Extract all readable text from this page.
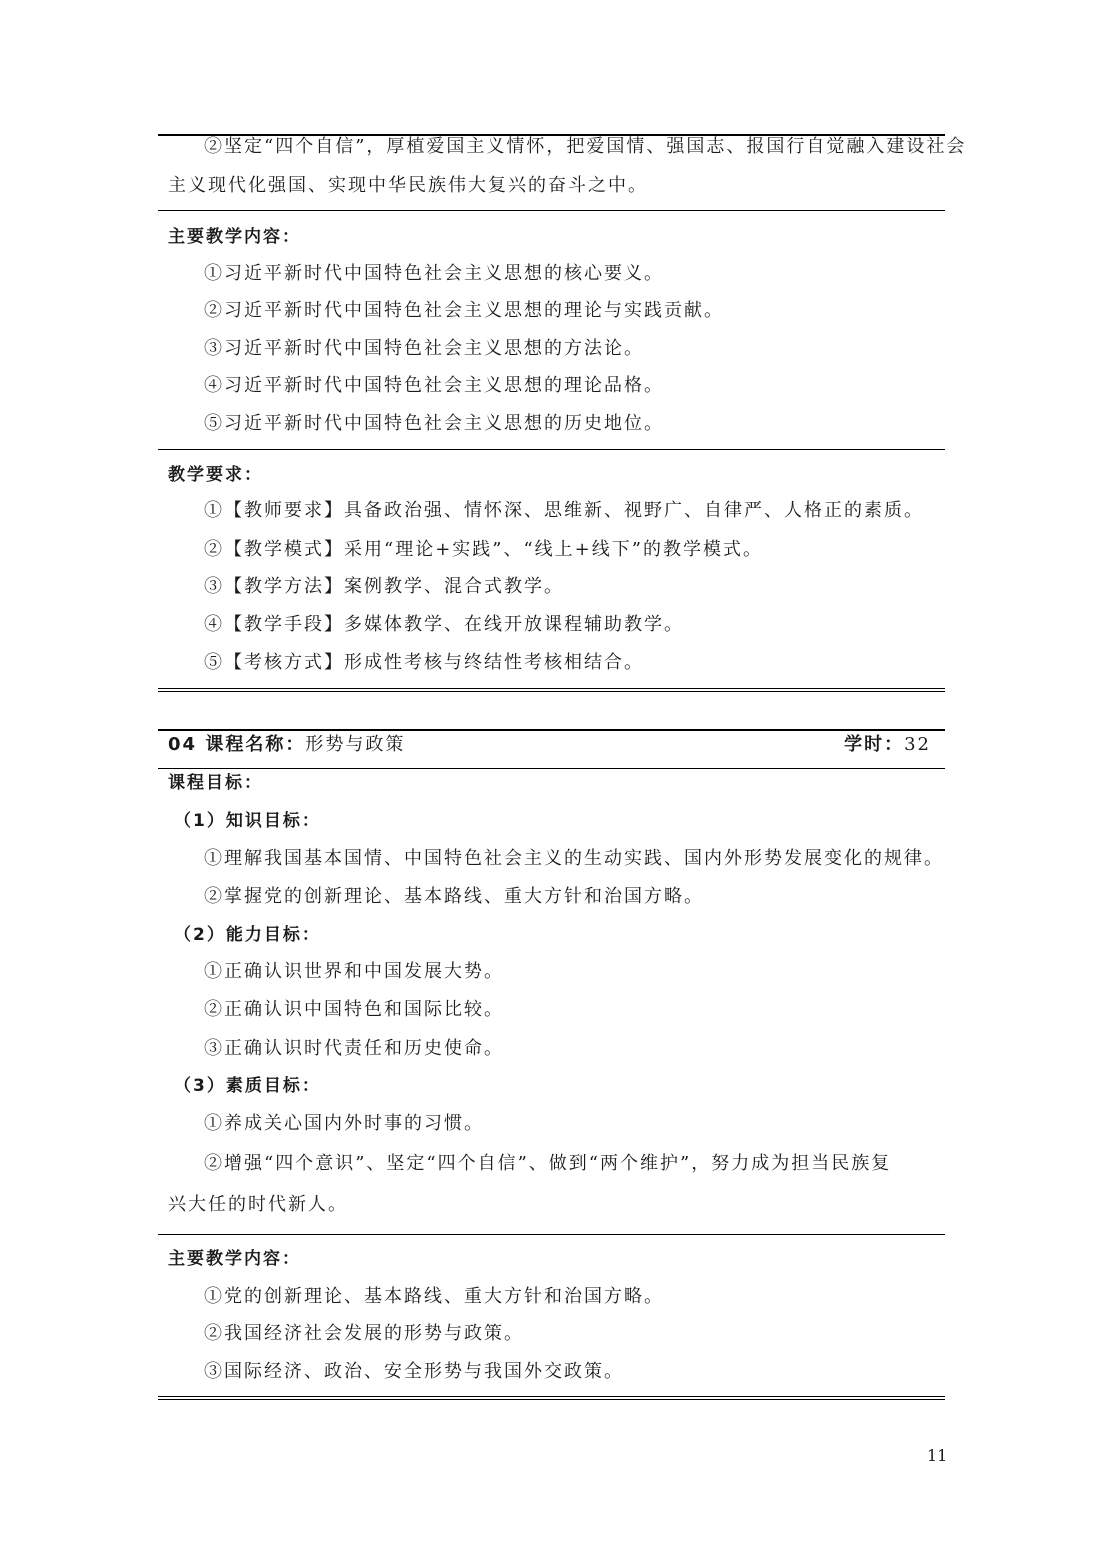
②坚定“四个自信”，厚植爱国主义情怀，把爱国情、强国志、报国行自觉融入建设社会
主义现代化强国、实现中华民族伟大复兴的奋斗之中。
主要教学内容：
①习近平新时代中国特色社会主义思想的核心要义。
②习近平新时代中国特色社会主义思想的理论与实践贡献。
③习近平新时代中国特色社会主义思想的方法论。
④习近平新时代中国特色社会主义思想的理论品格。
⑤习近平新时代中国特色社会主义思想的历史地位。
教学要求：
①【教师要求】具备政治强、情怀深、思维新、视野广、自律严、人格正的素质。
②【教学模式】采用“理论+实践”、“线上+线下”的教学模式。
③【教学方法】案例教学、混合式教学。
④【教学手段】多媒体教学、在线开放课程辅助教学。
⑤【考核方式】形成性考核与终结性考核相结合。
04 课程名称：形势与政策	学时：32
课程目标：
（1）知识目标：
①理解我国基本国情、中国特色社会主义的生动实践、国内外形势发展变化的规律。
②掌握党的创新理论、基本路线、重大方针和治国方略。
（2）能力目标：
①正确认识世界和中国发展大势。
②正确认识中国特色和国际比较。
③正确认识时代责任和历史使命。
（3）素质目标：
①养成关心国内外时事的习惯。
②增强“四个意识”、坚定“四个自信”、做到“两个维护”，努力成为担当民族复
兴大任的时代新人。
主要教学内容：
①党的创新理论、基本路线、重大方针和治国方略。
②我国经济社会发展的形势与政策。
③国际经济、政治、安全形势与我国外交政策。
11
